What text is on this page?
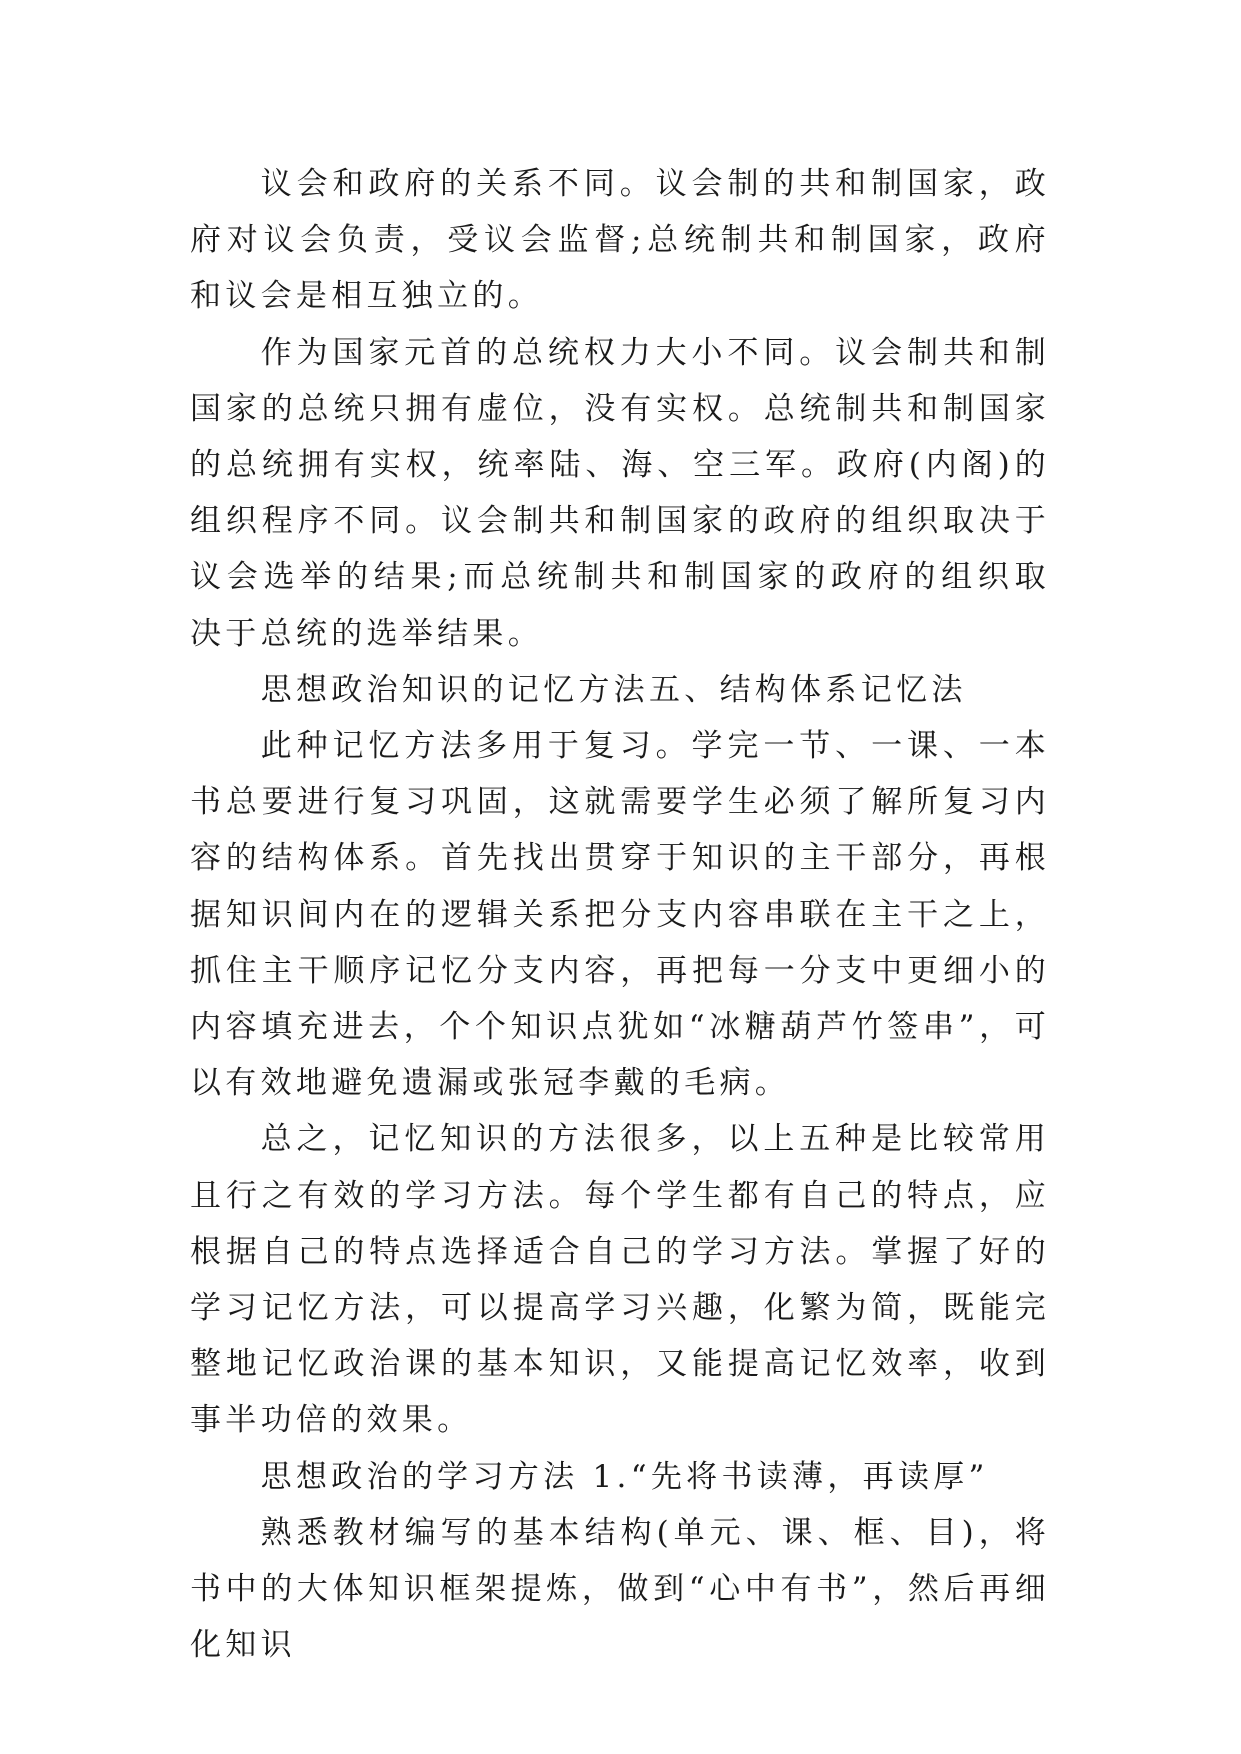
议会和政府的关系不同。议会制的共和制国家，政府对议会负责，受议会监督;总统制共和制国家，政府和议会是相互独立的。

作为国家元首的总统权力大小不同。议会制共和制国家的总统只拥有虚位，没有实权。总统制共和制国家的总统拥有实权，统率陆、海、空三军。政府(内阁)的组织程序不同。议会制共和制国家的政府的组织取决于议会选举的结果;而总统制共和制国家的政府的组织取决于总统的选举结果。

思想政治知识的记忆方法五、结构体系记忆法

此种记忆方法多用于复习。学完一节、一课、一本书总要进行复习巩固，这就需要学生必须了解所复习内容的结构体系。首先找出贯穿于知识的主干部分，再根据知识间内在的逻辑关系把分支内容串联在主干之上，抓住主干顺序记忆分支内容，再把每一分支中更细小的内容填充进去，个个知识点犹如“冰糖葫芦竹签串”，可以有效地避免遗漏或张冠李戴的毛病。

总之，记忆知识的方法很多，以上五种是比较常用且行之有效的学习方法。每个学生都有自己的特点，应根据自己的特点选择适合自己的学习方法。掌握了好的学习记忆方法，可以提高学习兴趣，化繁为简，既能完整地记忆政治课的基本知识，又能提高记忆效率，收到事半功倍的效果。

思想政治的学习方法 1.“先将书读薄，再读厚”

熟悉教材编写的基本结构(单元、课、框、目)，将书中的大体知识框架提炼，做到“心中有书”，然后再细化知识
